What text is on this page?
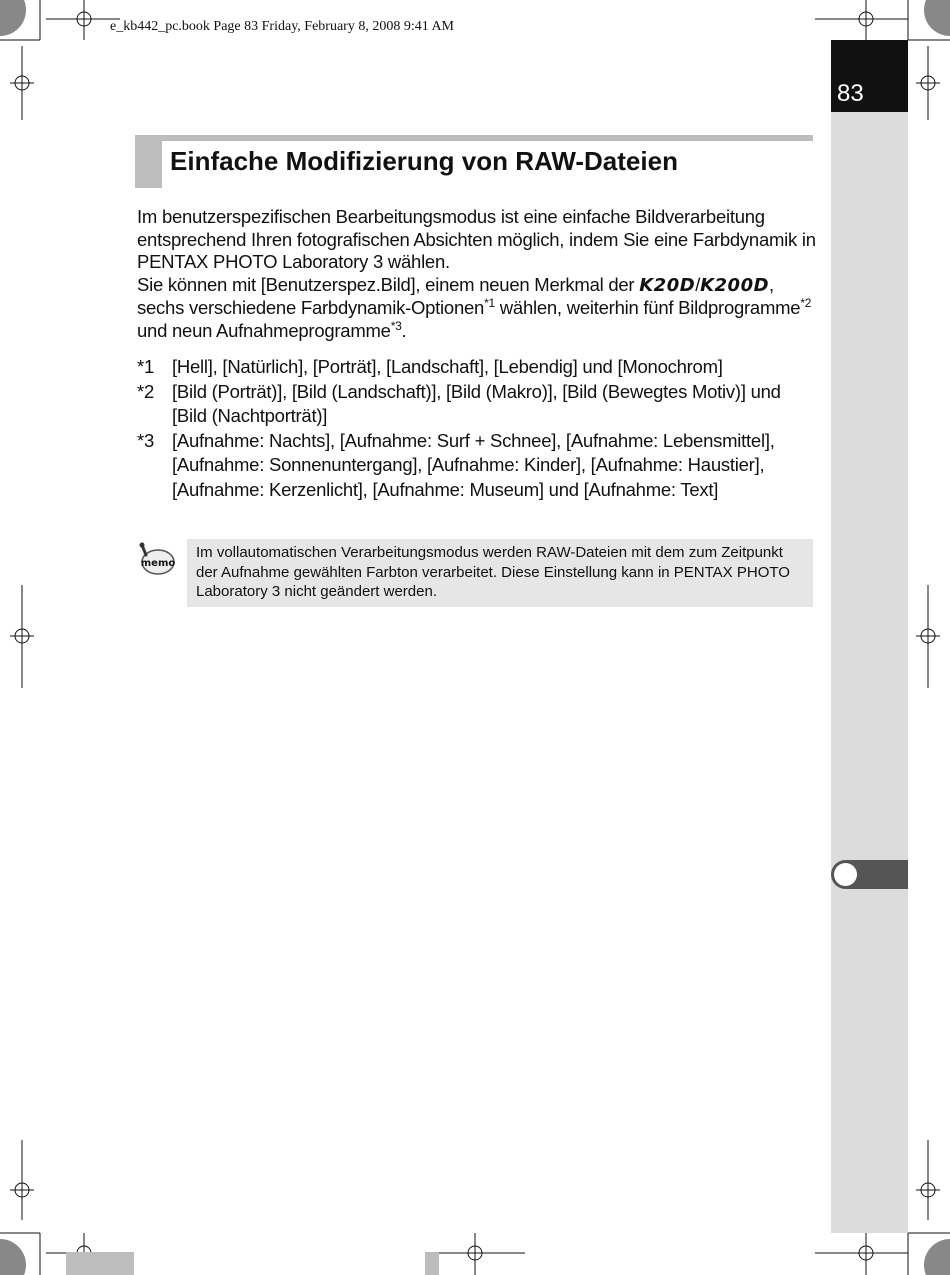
e_kb442_pc.book Page 83 Friday, February 8, 2008 9:41 AM
83
Einfache Modifizierung von RAW-Dateien

Im benutzerspezifischen Bearbeitungsmodus ist eine einfache Bildverarbeitung entsprechend Ihren fotografischen Absichten möglich, indem Sie eine Farbdynamik in PENTAX PHOTO Laboratory 3 wählen.

Sie können mit [Benutzerspez.Bild], einem neuen Merkmal der K20D/K200D, sechs verschiedene Farbdynamik-Optionen$^{*1}$ wählen, weiterhin fünf Bildprogramme$^{*2}$ und neun Aufnahmeprogramme$^{*3}$.

*1 [Hell], [Natürlich], [Porträt], [Landschaft], [Lebendig] und [Monochrom]
*2 [Bild (Porträt)], [Bild (Landschaft)], [Bild (Makro)], [Bild (Bewegtes Motiv)] und [Bild (Nachtporträt)]
*3 [Aufnahme: Nachts], [Aufnahme: Surf + Schnee], [Aufnahme: Lebensmittel], [Aufnahme: Sonnenuntergang], [Aufnahme: Kinder], [Aufnahme: Haustier], [Aufnahme: Kerzenlicht], [Aufnahme: Museum] und [Aufnahme: Text]
memo
Im vollautomatischen Verarbeitungsmodus werden RAW-Dateien mit dem zum Zeitpunkt der Aufnahme gewählten Farbton verarbeitet. Diese Einstellung kann in PENTAX PHOTO Laboratory 3 nicht geändert werden.
